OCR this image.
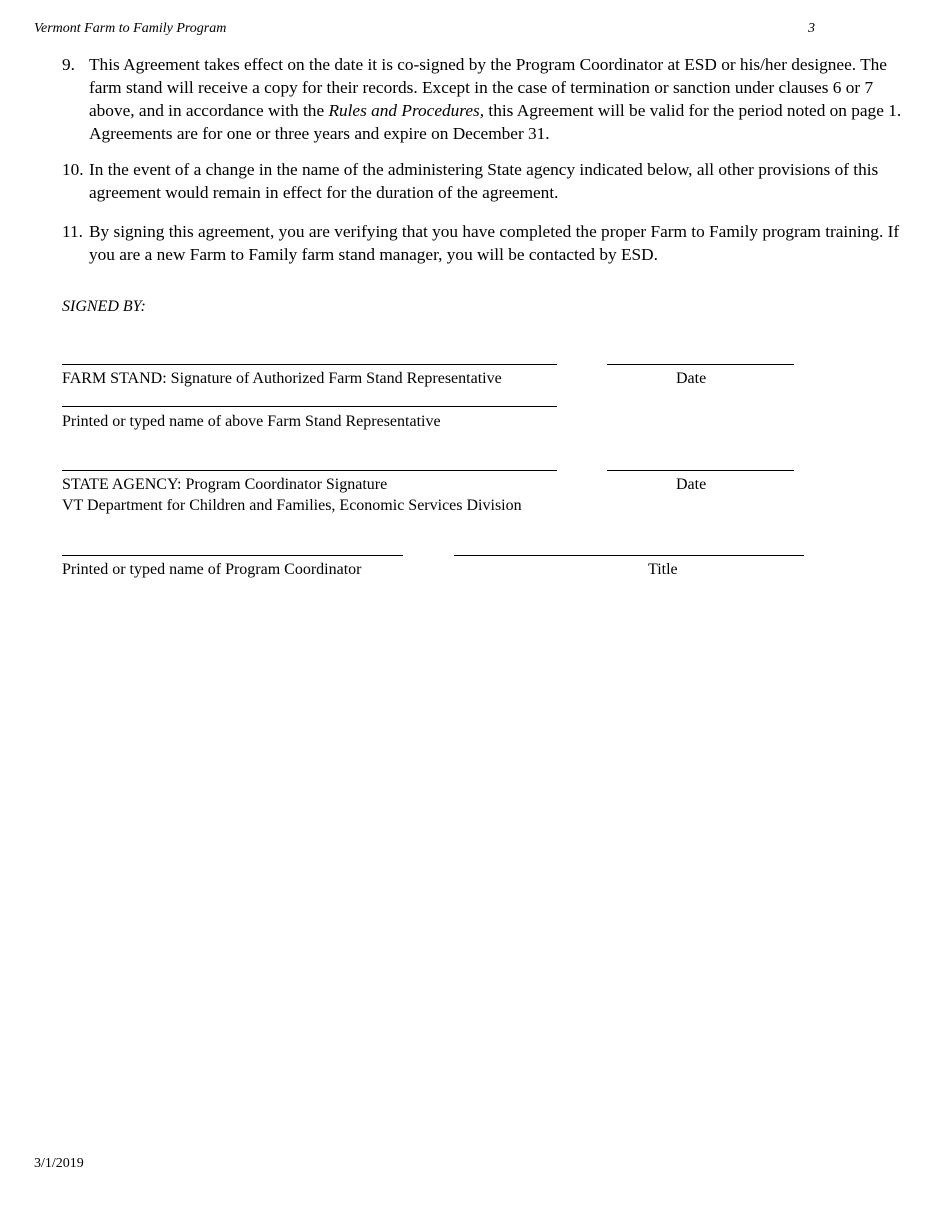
Vermont Farm to Family Program	3
9. This Agreement takes effect on the date it is co-signed by the Program Coordinator at ESD or his/her designee. The farm stand will receive a copy for their records. Except in the case of termination or sanction under clauses 6 or 7 above, and in accordance with the Rules and Procedures, this Agreement will be valid for the period noted on page 1. Agreements are for one or three years and expire on December 31.
10. In the event of a change in the name of the administering State agency indicated below, all other provisions of this agreement would remain in effect for the duration of the agreement.
11. By signing this agreement, you are verifying that you have completed the proper Farm to Family program training. If you are a new Farm to Family farm stand manager, you will be contacted by ESD.
SIGNED BY:
FARM STAND: Signature of Authorized Farm Stand Representative	Date
Printed or typed name of above Farm Stand Representative
STATE AGENCY: Program Coordinator Signature	Date
VT Department for Children and Families, Economic Services Division
Printed or typed name of Program Coordinator	Title
3/1/2019
